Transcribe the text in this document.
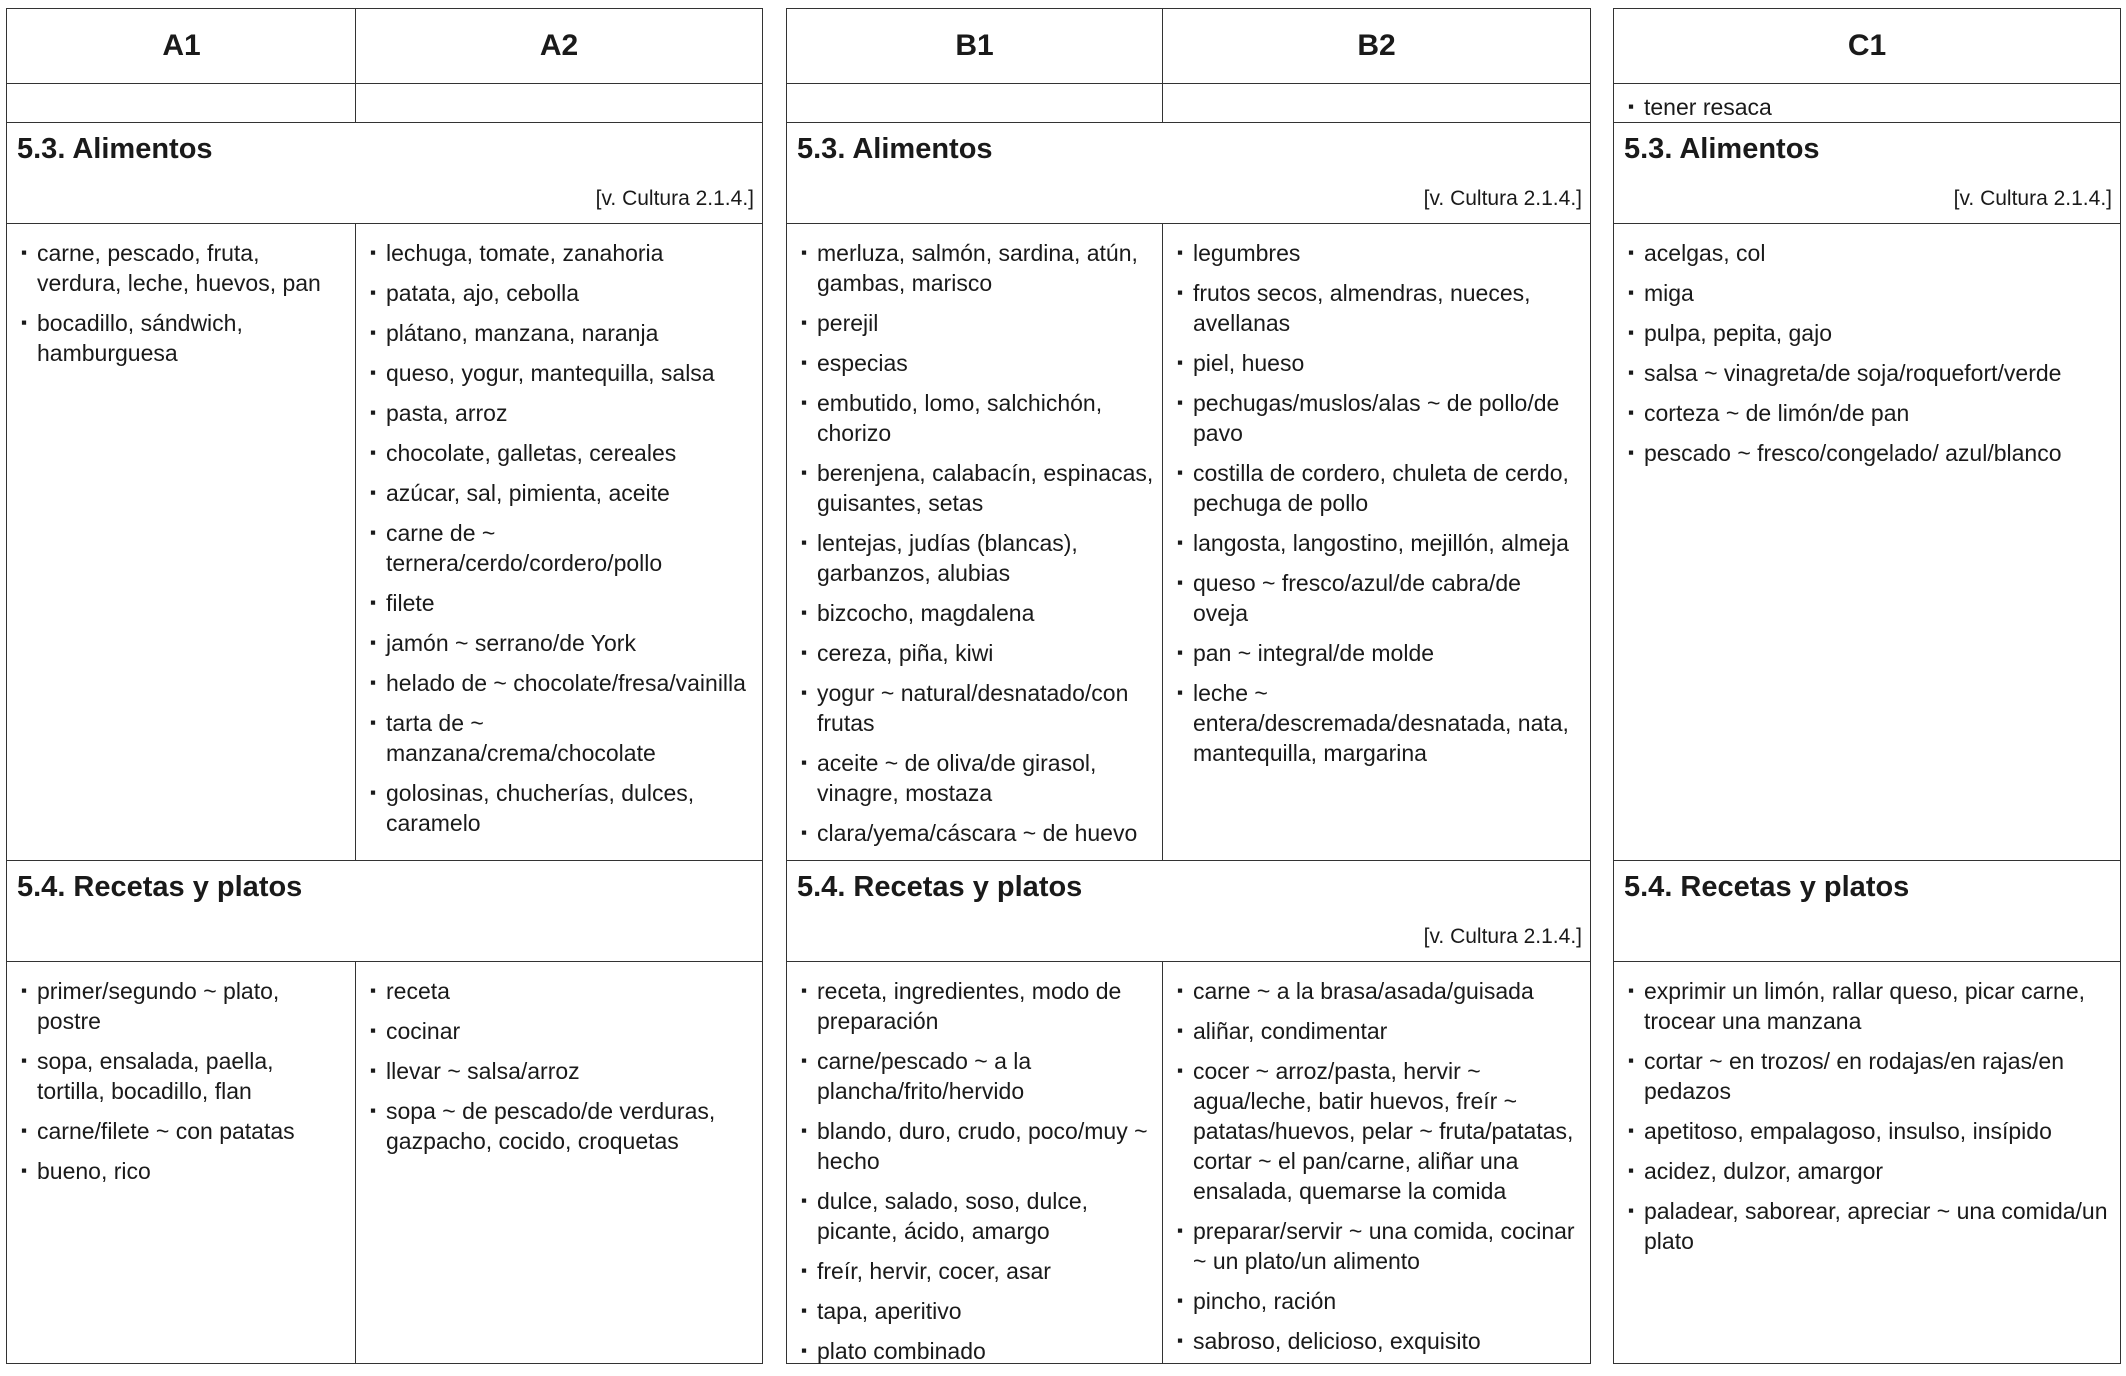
A1	A2
5.3. Alimentos
[v. Cultura 2.1.4.]
▪ carne, pescado, fruta, verdura, leche, huevos, pan
▪ bocadillo, sándwich, hamburguesa
▪ lechuga, tomate, zanahoria
▪ patata, ajo, cebolla
▪ plátano, manzana, naranja
▪ queso, yogur, mantequilla, salsa
▪ pasta, arroz
▪ chocolate, galletas, cereales
▪ azúcar, sal, pimienta, aceite
▪ carne de ~ ternera/cerdo/cordero/pollo
▪ filete
▪ jamón ~ serrano/de York
▪ helado de ~ chocolate/fresa/vainilla
▪ tarta de ~ manzana/crema/chocolate
▪ golosinas, chucherías, dulces, caramelo
5.4. Recetas y platos
▪ primer/segundo ~ plato, postre
▪ sopa, ensalada, paella, tortilla, bocadillo, flan
▪ carne/filete ~ con patatas
▪ bueno, rico
▪ receta
▪ cocinar
▪ llevar ~ salsa/arroz
▪ sopa ~ de pescado/de verduras, gazpacho, cocido, croquetas
B1	B2
5.3. Alimentos
[v. Cultura 2.1.4.]
▪ merluza, salmón, sardina, atún, gambas, marisco
▪ perejil
▪ especias
▪ embutido, lomo, salchichón, chorizo
▪ berenjena, calabacín, espinacas, guisantes, setas
▪ lentejas, judías (blancas), garbanzos, alubias
▪ bizcocho, magdalena
▪ cereza, piña, kiwi
▪ yogur ~ natural/desnatado/con frutas
▪ aceite ~ de oliva/de girasol, vinagre, mostaza
▪ clara/yema/cáscara ~ de huevo
▪ legumbres
▪ frutos secos, almendras, nueces, avellanas
▪ piel, hueso
▪ pechugas/muslos/alas ~ de pollo/de pavo
▪ costilla de cordero, chuleta de cerdo, pechuga de pollo
▪ langosta, langostino, mejillón, almeja
▪ queso ~ fresco/azul/de cabra/de oveja
▪ pan ~ integral/de molde
▪ leche ~ entera/descremada/desnatada, nata, mantequilla, margarina
5.4. Recetas y platos
[v. Cultura 2.1.4.]
▪ receta, ingredientes, modo de preparación
▪ carne/pescado ~ a la plancha/frito/hervido
▪ blando, duro, crudo, poco/muy ~ hecho
▪ dulce, salado, soso, dulce, picante, ácido, amargo
▪ freír, hervir, cocer, asar
▪ tapa, aperitivo
▪ plato combinado
▪ carne ~ a la brasa/asada/guisada
▪ aliñar, condimentar
▪ cocer ~ arroz/pasta, hervir ~ agua/leche, batir huevos, freír ~ patatas/huevos, pelar ~ fruta/patatas, cortar ~ el pan/carne, aliñar una ensalada, quemarse la comida
▪ preparar/servir ~ una comida, cocinar ~ un plato/un alimento
▪ pincho, ración
▪ sabroso, delicioso, exquisito
C1
▪ tener resaca
5.3. Alimentos
[v. Cultura 2.1.4.]
▪ acelgas, col
▪ miga
▪ pulpa, pepita, gajo
▪ salsa ~ vinagreta/de soja/roquefort/verde
▪ corteza ~ de limón/de pan
▪ pescado ~ fresco/congelado/ azul/blanco
5.4. Recetas y platos
▪ exprimir un limón, rallar queso, picar carne, trocear una manzana
▪ cortar ~ en trozos/ en rodajas/en rajas/en pedazos
▪ apetitoso, empalagoso, insulso, insípido
▪ acidez, dulzor, amargor
▪ paladear, saborear, apreciar ~ una comida/un plato
